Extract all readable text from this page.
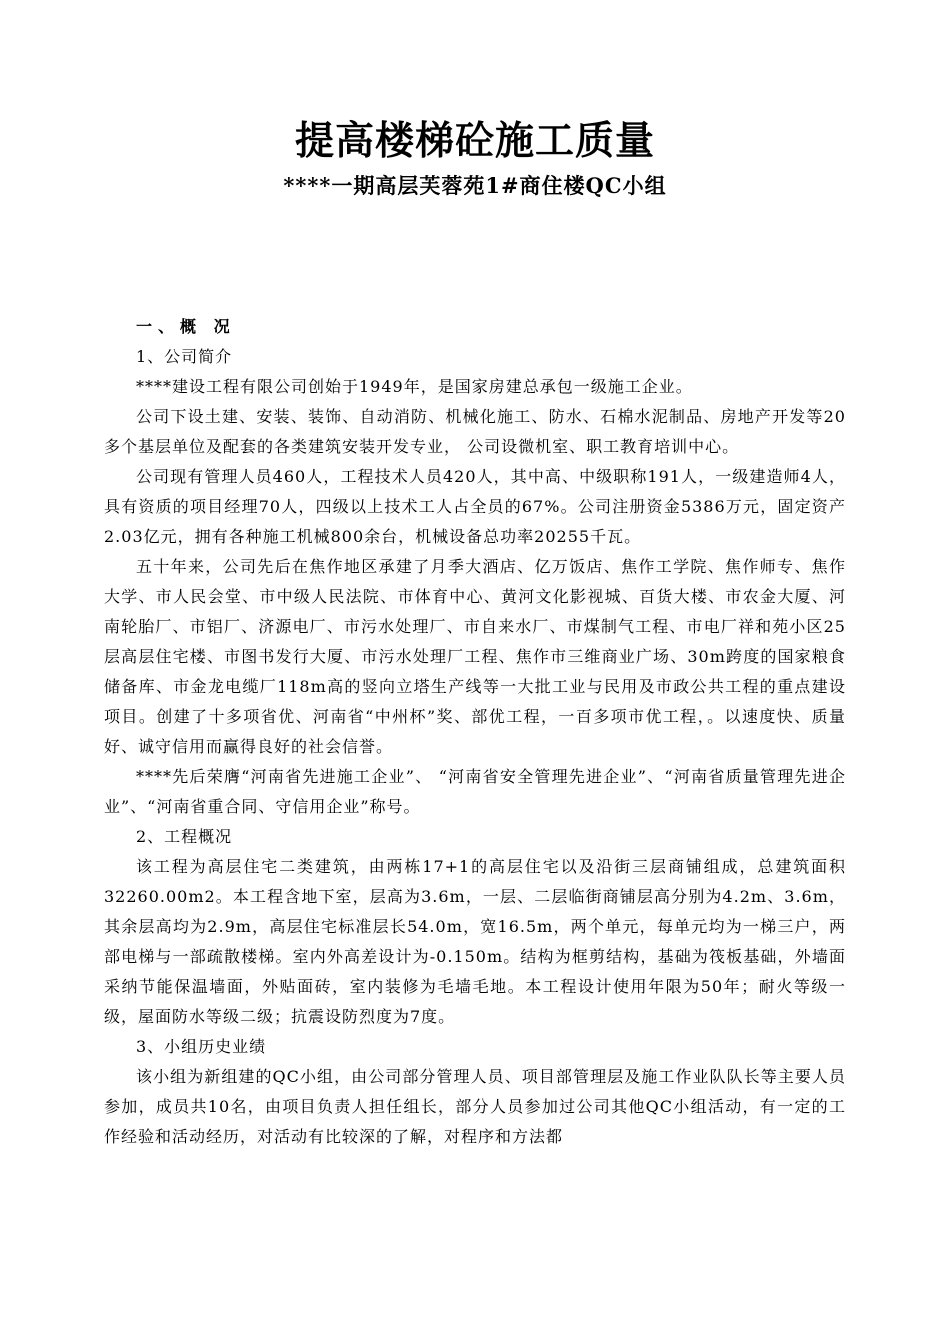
提高楼梯砼施工质量
****一期高层芙蓉苑1#商住楼QC小组
一、概 况
1、公司简介

****建设工程有限公司创始于1949年，是国家房建总承包一级施工企业。

公司下设土建、安装、装饰、自动消防、机械化施工、防水、石棉水泥制品、房地产开发等20多个基层单位及配套的各类建筑安装开发专业， 公司设微机室、职工教育培训中心。

公司现有管理人员460人，工程技术人员420人，其中高、中级职称191人，一级建造师4人，具有资质的项目经理70人，四级以上技术工人占全员的67%。公司注册资金5386万元，固定资产2.03亿元，拥有各种施工机械800余台，机械设备总功率20255千瓦。

五十年来，公司先后在焦作地区承建了月季大酒店、亿万饭店、焦作工学院、焦作师专、焦作大学、市人民会堂、市中级人民法院、市体育中心、黄河文化影视城、百货大楼、市农金大厦、河南轮胎厂、市铝厂、济源电厂、市污水处理厂、市自来水厂、市煤制气工程、市电厂祥和苑小区25层高层住宅楼、市图书发行大厦、市污水处理厂工程、焦作市三维商业广场、30m跨度的国家粮食储备库、市金龙电缆厂118m高的竖向立塔生产线等一大批工业与民用及市政公共工程的重点建设项目。创建了十多项省优、河南省“中州杯”奖、部优工程，一百多项市优工程，。以速度快、质量好、诚守信用而赢得良好的社会信誉。

****先后荣膺“河南省先进施工企业”、 “河南省安全管理先进企业”、“河南省质量管理先进企业”、“河南省重合同、守信用企业”称号。

2、工程概况

该工程为高层住宅二类建筑，由两栋17+1的高层住宅以及沿街三层商铺组成，总建筑面积32260.00m2。本工程含地下室，层高为3.6m，一层、二层临街商铺层高分别为4.2m、3.6m，其余层高均为2.9m，高层住宅标准层长54.0m，宽16.5m，两个单元，每单元均为一梯三户，两部电梯与一部疏散楼梯。室内外高差设计为-0.150m。结构为框剪结构，基础为筏板基础，外墙面采纳节能保温墙面，外贴面砖，室内装修为毛墙毛地。本工程设计使用年限为50年；耐火等级一级，屋面防水等级二级；抗震设防烈度为7度。

3、小组历史业绩

该小组为新组建的QC小组，由公司部分管理人员、项目部管理层及施工作业队队长等主要人员参加，成员共10名，由项目负责人担任组长，部分人员参加过公司其他QC小组活动，有一定的工作经验和活动经历，对活动有比较深的了解，对程序和方法都
